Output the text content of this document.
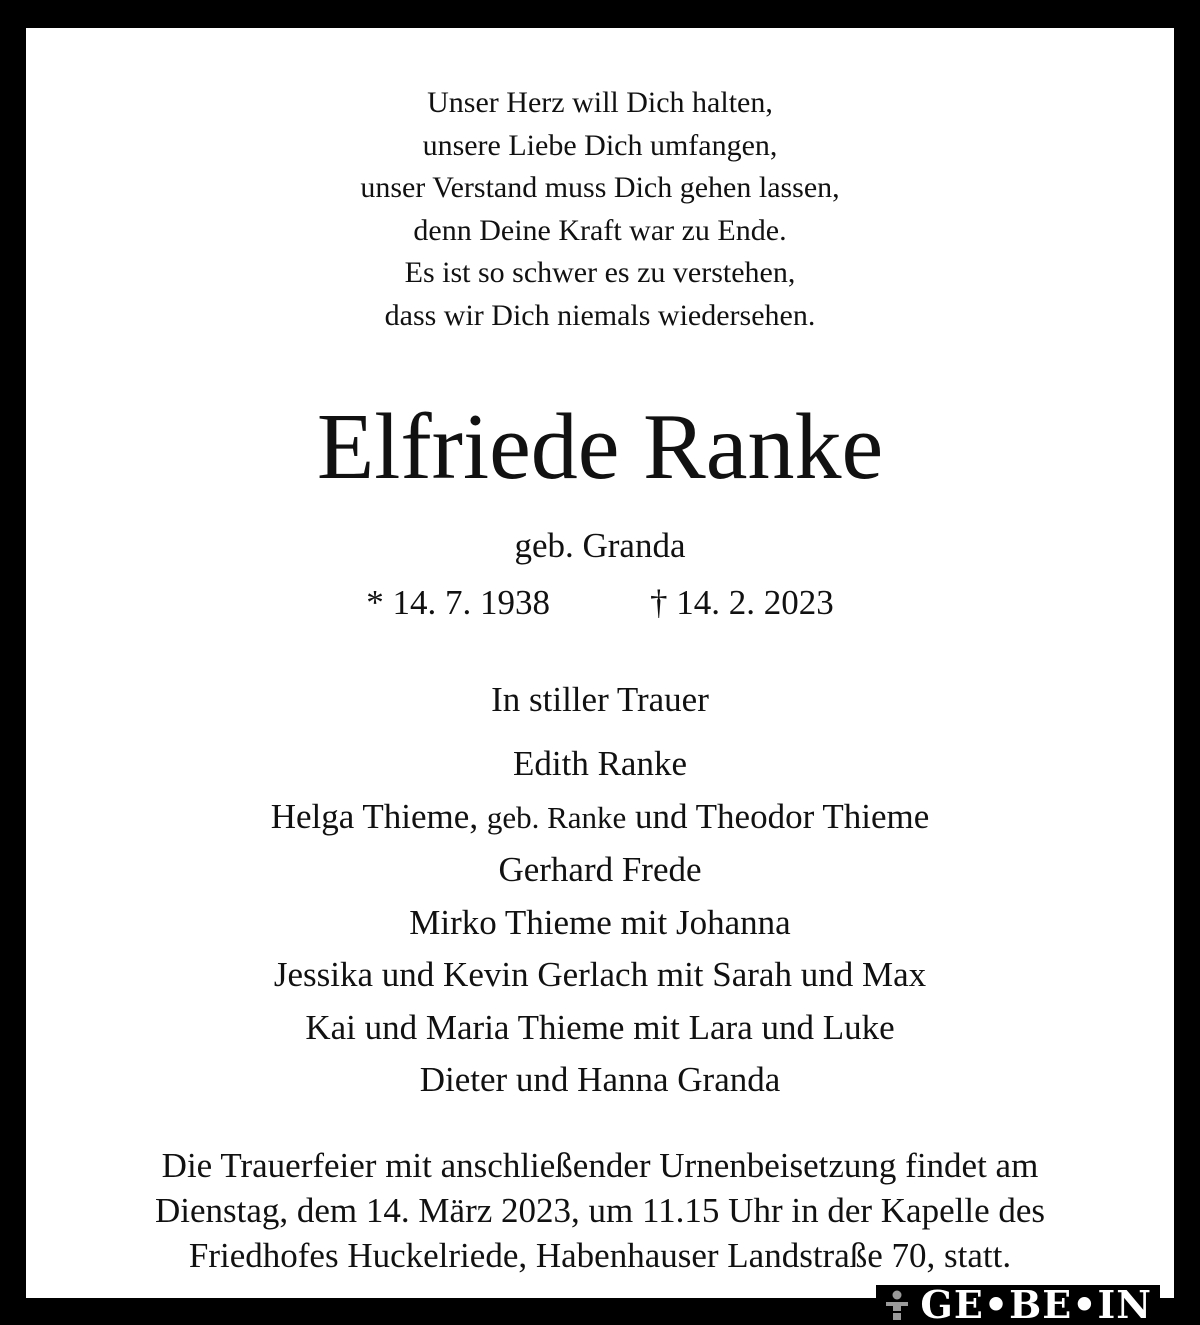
Unser Herz will Dich halten,
unsere Liebe Dich umfangen,
unser Verstand muss Dich gehen lassen,
denn Deine Kraft war zu Ende.
Es ist so schwer es zu verstehen,
dass wir Dich niemals wiedersehen.
Elfriede Ranke
geb. Granda
* 14. 7. 1938	† 14. 2. 2023
In stiller Trauer
Edith Ranke
Helga Thieme, geb. Ranke und Theodor Thieme
Gerhard Frede
Mirko Thieme mit Johanna
Jessika und Kevin Gerlach mit Sarah und Max
Kai und Maria Thieme mit Lara und Luke
Dieter und Hanna Granda
Die Trauerfeier mit anschließender Urnenbeisetzung findet am
Dienstag, dem 14. März 2023, um 11.15 Uhr in der Kapelle des
Friedhofes Huckelriede, Habenhauser Landstraße 70, statt.
GE•BE•IN
